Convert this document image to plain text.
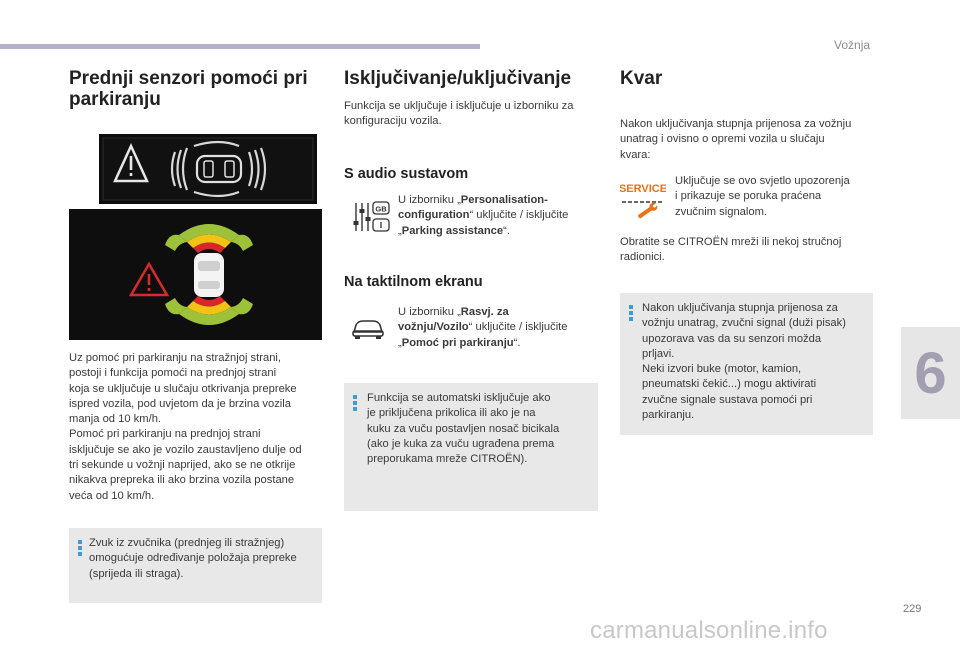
Vožnja
6
229
Prednji senzori pomoći pri
parkiranju
Uz pomoć pri parkiranju na stražnjoj strani,
postoji i funkcija pomoći na prednjoj strani
koja se uključuje u slučaju otkrivanja prepreke
ispred vozila, pod uvjetom da je brzina vozila
manja od 10 km/h.
Pomoć pri parkiranju na prednjoj strani
isključuje se ako je vozilo zaustavljeno dulje od
tri sekunde u vožnji naprijed, ako se ne otkrije
nikakva prepreka ili ako brzina vozila postane
veća od 10 km/h.
Zvuk iz zvučnika (prednjeg ili stražnjeg)
omogućuje određivanje položaja prepreke
(sprijeda ili straga).
Isključivanje/uključivanje
Funkcija se uključuje i isključuje u izborniku za
konfiguraciju vozila.
S audio sustavom
GB
U izborniku „Personalisation-
configuration“ uključite / isključite
„Parking assistance“.
Na taktilnom ekranu
U izborniku „Rasvj. za
vožnju/Vozilo“ uključite / isključite
„Pomoć pri parkiranju“.
Funkcija se automatski isključuje ako
je priključena prikolica ili ako je na
kuku za vuču postavljen nosač bicikala
(ako je kuka za vuču ugrađena prema
preporukama mreže CITROËN).
Kvar
Nakon uključivanja stupnja prijenosa za vožnju
unatrag i ovisno o opremi vozila u slučaju
kvara:
SERVICE
Uključuje se ovo svjetlo upozorenja
i prikazuje se poruka praćena
zvučnim signalom.
Obratite se CITROËN mreži ili nekoj stručnoj
radionici.
Nakon uključivanja stupnja prijenosa za
vožnju unatrag, zvučni signal (duži pisak)
upozorava vas da su senzori možda
prljavi.
Neki izvori buke (motor, kamion,
pneumatski čekić...) mogu aktivirati
zvučne signale sustava pomoći pri
parkiranju.
carmanualsonline.info
